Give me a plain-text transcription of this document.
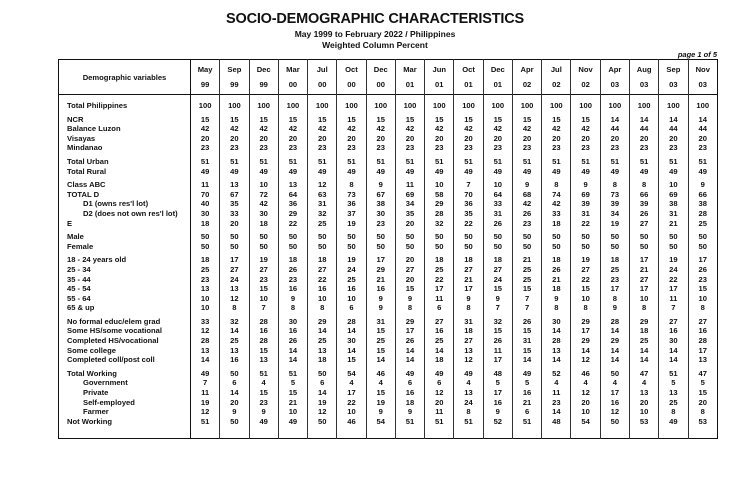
SOCIO-DEMOGRAPHIC CHARACTERISTICS
May 1999 to February 2022 / Philippines
Weighted Column Percent
page 1 of 5
Demographic variables	May	Sep	Dec	Mar	Jul	Oct	Dec	Mar	Jun	Oct	Dec	Apr	Jul	Nov	Apr	Aug	Sep	Nov
	99	99	99	00	00	00	00	01	01	01	01	02	02	02	03	03	03	03
Total Philippines	100	100	100	100	100	100	100	100	100	100	100	100	100	100	100	100	100	100
NCR	15	15	15	15	15	15	15	15	15	15	15	15	15	15	14	14	14	14
Balance Luzon	42	42	42	42	42	42	42	42	42	42	42	42	42	42	44	44	44	44
Visayas	20	20	20	20	20	20	20	20	20	20	20	20	20	20	20	20	20	20
Mindanao	23	23	23	23	23	23	23	23	23	23	23	23	23	23	23	23	23	23
Total Urban	51	51	51	51	51	51	51	51	51	51	51	51	51	51	51	51	51	51
Total Rural	49	49	49	49	49	49	49	49	49	49	49	49	49	49	49	49	49	49
Class ABC	11	13	10	13	12	8	9	11	10	7	10	9	8	9	8	8	10	9
TOTAL D	70	67	72	64	63	73	67	69	58	70	64	68	74	69	73	66	69	66
D1 (owns res'l lot)	40	35	42	36	31	36	38	34	29	36	33	42	42	39	39	39	38	38
D2 (does not own res'l lot)	30	33	30	29	32	37	30	35	28	35	31	26	33	31	34	26	31	28
E	18	20	18	22	25	19	23	20	32	22	26	23	18	22	19	27	21	25
Male	50	50	50	50	50	50	50	50	50	50	50	50	50	50	50	50	50	50
Female	50	50	50	50	50	50	50	50	50	50	50	50	50	50	50	50	50	50
18 - 24 years old	18	17	19	18	18	19	17	20	18	18	18	21	18	19	18	17	19	17
25 - 34	25	27	27	26	27	24	29	27	25	27	27	25	26	27	25	21	24	26
35 - 44	23	24	23	23	22	25	21	20	22	21	24	25	21	22	23	27	22	23
45 - 54	13	13	15	16	16	16	16	15	17	17	15	15	18	15	17	17	17	15
55 - 64	10	12	10	9	10	10	9	9	11	9	9	7	9	10	8	10	11	10
65 & up	10	8	7	8	8	6	9	8	6	8	7	7	8	8	9	8	7	8
No formal educ/elem grad	33	32	28	30	29	28	31	29	27	31	32	26	30	29	28	29	27	27
Some HS/some vocational	12	14	16	16	14	14	15	17	16	18	15	15	14	17	14	18	16	16
Completed HS/vocational	28	25	28	26	25	30	25	26	25	27	26	31	28	29	29	25	30	28
Some college	13	13	15	14	13	14	15	14	14	13	11	15	13	14	14	14	14	17
Completed coll/post coll	14	16	13	14	18	15	14	14	18	12	17	14	14	12	14	14	14	13
Total Working	49	50	51	51	50	54	46	49	49	49	48	49	52	46	50	47	51	47
Government	7	6	4	5	6	4	4	6	6	4	5	5	4	4	4	4	5	5
Private	11	14	15	15	14	17	15	16	12	13	17	16	11	12	17	13	13	15
Self-employed	19	20	23	21	19	22	19	18	20	24	16	21	23	20	16	20	25	20
Farmer	12	9	9	10	12	10	9	9	11	8	9	6	14	10	12	10	8	8
Not Working	51	50	49	49	50	46	54	51	51	51	52	51	48	54	50	53	49	53
